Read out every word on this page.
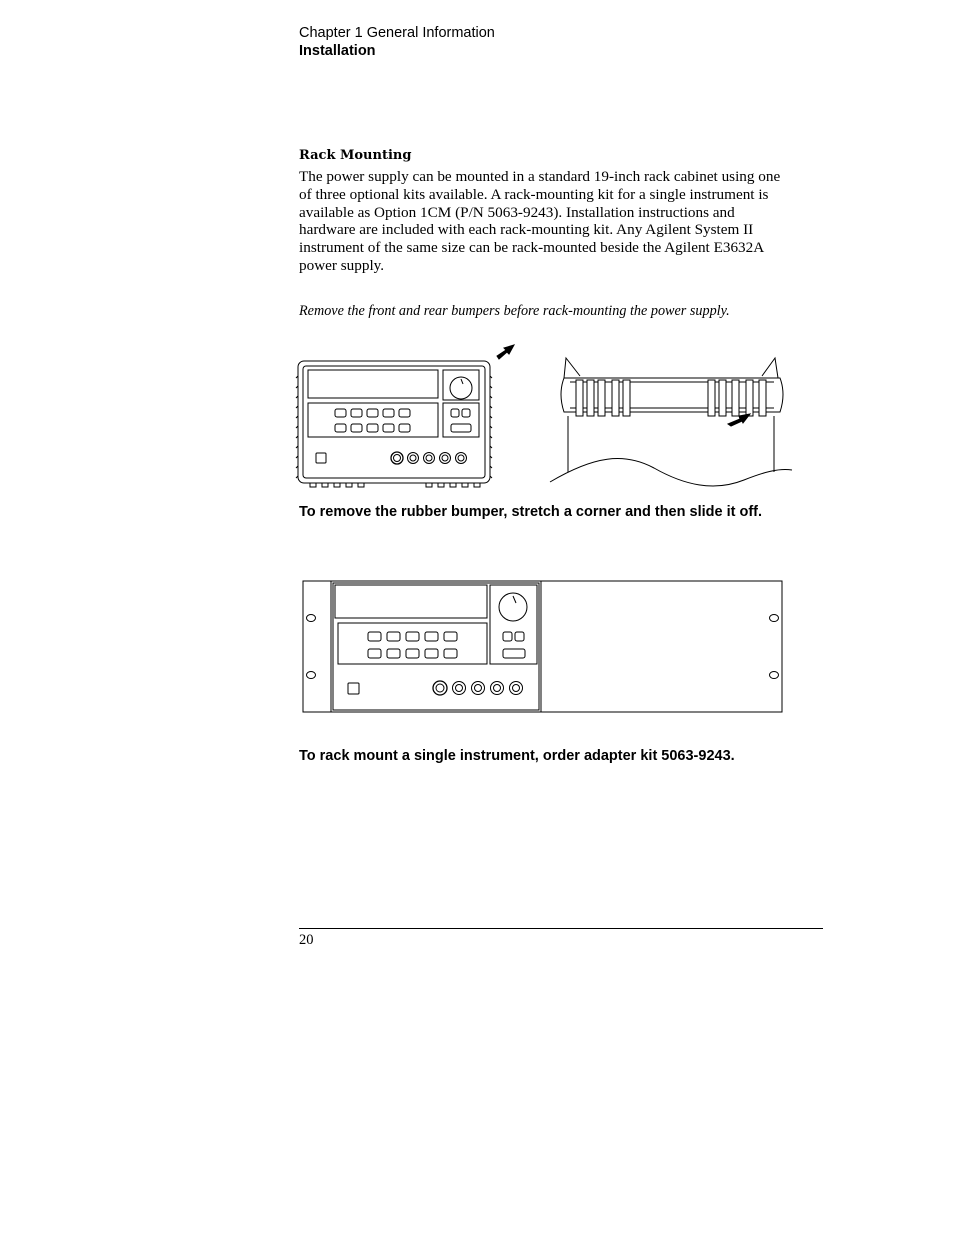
Chapter 1 General Information
Installation
Rack Mounting
The power supply can be mounted in a standard 19-inch rack cabinet using one
of three optional kits available. A rack-mounting kit for a single instrument is
available as Option 1CM (P/N 5063-9243). Installation instructions and
hardware are included with each rack-mounting kit. Any Agilent System II
instrument of the same size can be rack-mounted beside the Agilent E3632A
power supply.
Remove the front and rear bumpers before rack-mounting the power supply.
To remove the rubber bumper, stretch a corner and then slide it off.
To rack mount a single instrument, order adapter kit 5063-9243.
20
